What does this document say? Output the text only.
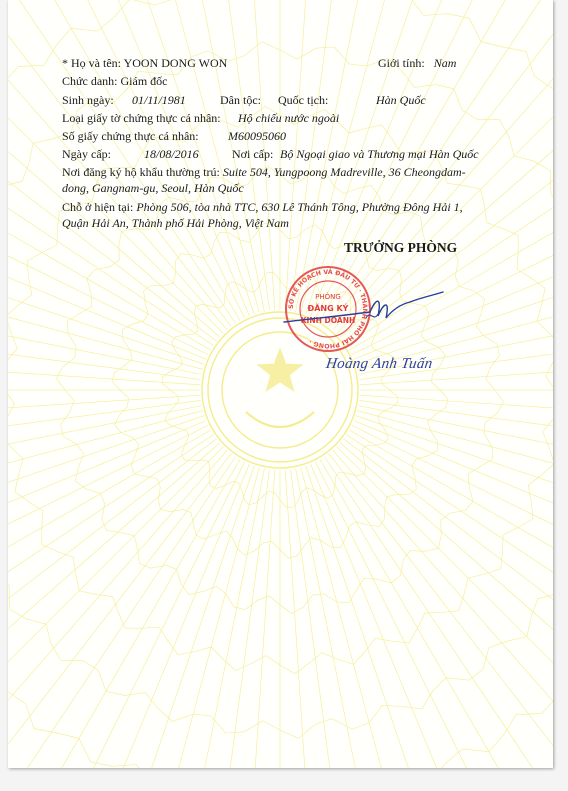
* Họ và tên: YOON DONG WON	Giới tính: Nam
Chức danh: Giám đốc
Sinh ngày: 01/11/1981	Dân tộc: Quốc tịch:	Hàn Quốc
Loại giấy tờ chứng thực cá nhân: Hộ chiếu nước ngoài
Số giấy chứng thực cá nhân: M60095060
Ngày cấp:	18/08/2016	Nơi cấp: Bộ Ngoại giao và Thương mại Hàn Quốc
Nơi đăng ký hộ khẩu thường trú: Suite 504, Yungpoong Madreville, 36 Cheongdam-
dong, Gangnam-gu, Seoul, Hàn Quốc
Chỗ ở hiện tại: Phòng 506, tòa nhà TTC, 630 Lê Thánh Tông, Phường Đông Hải 1,
Quận Hải An, Thành phố Hải Phòng, Việt Nam
TRƯỞNG PHÒNG
SỞ KẾ HOẠCH VÀ ĐẦU TƯ · THÀNH PHỐ HẢI PHÒNG ·
PHÒNG
ĐĂNG KÝ
KINH DOANH
Hoàng Anh Tuấn
